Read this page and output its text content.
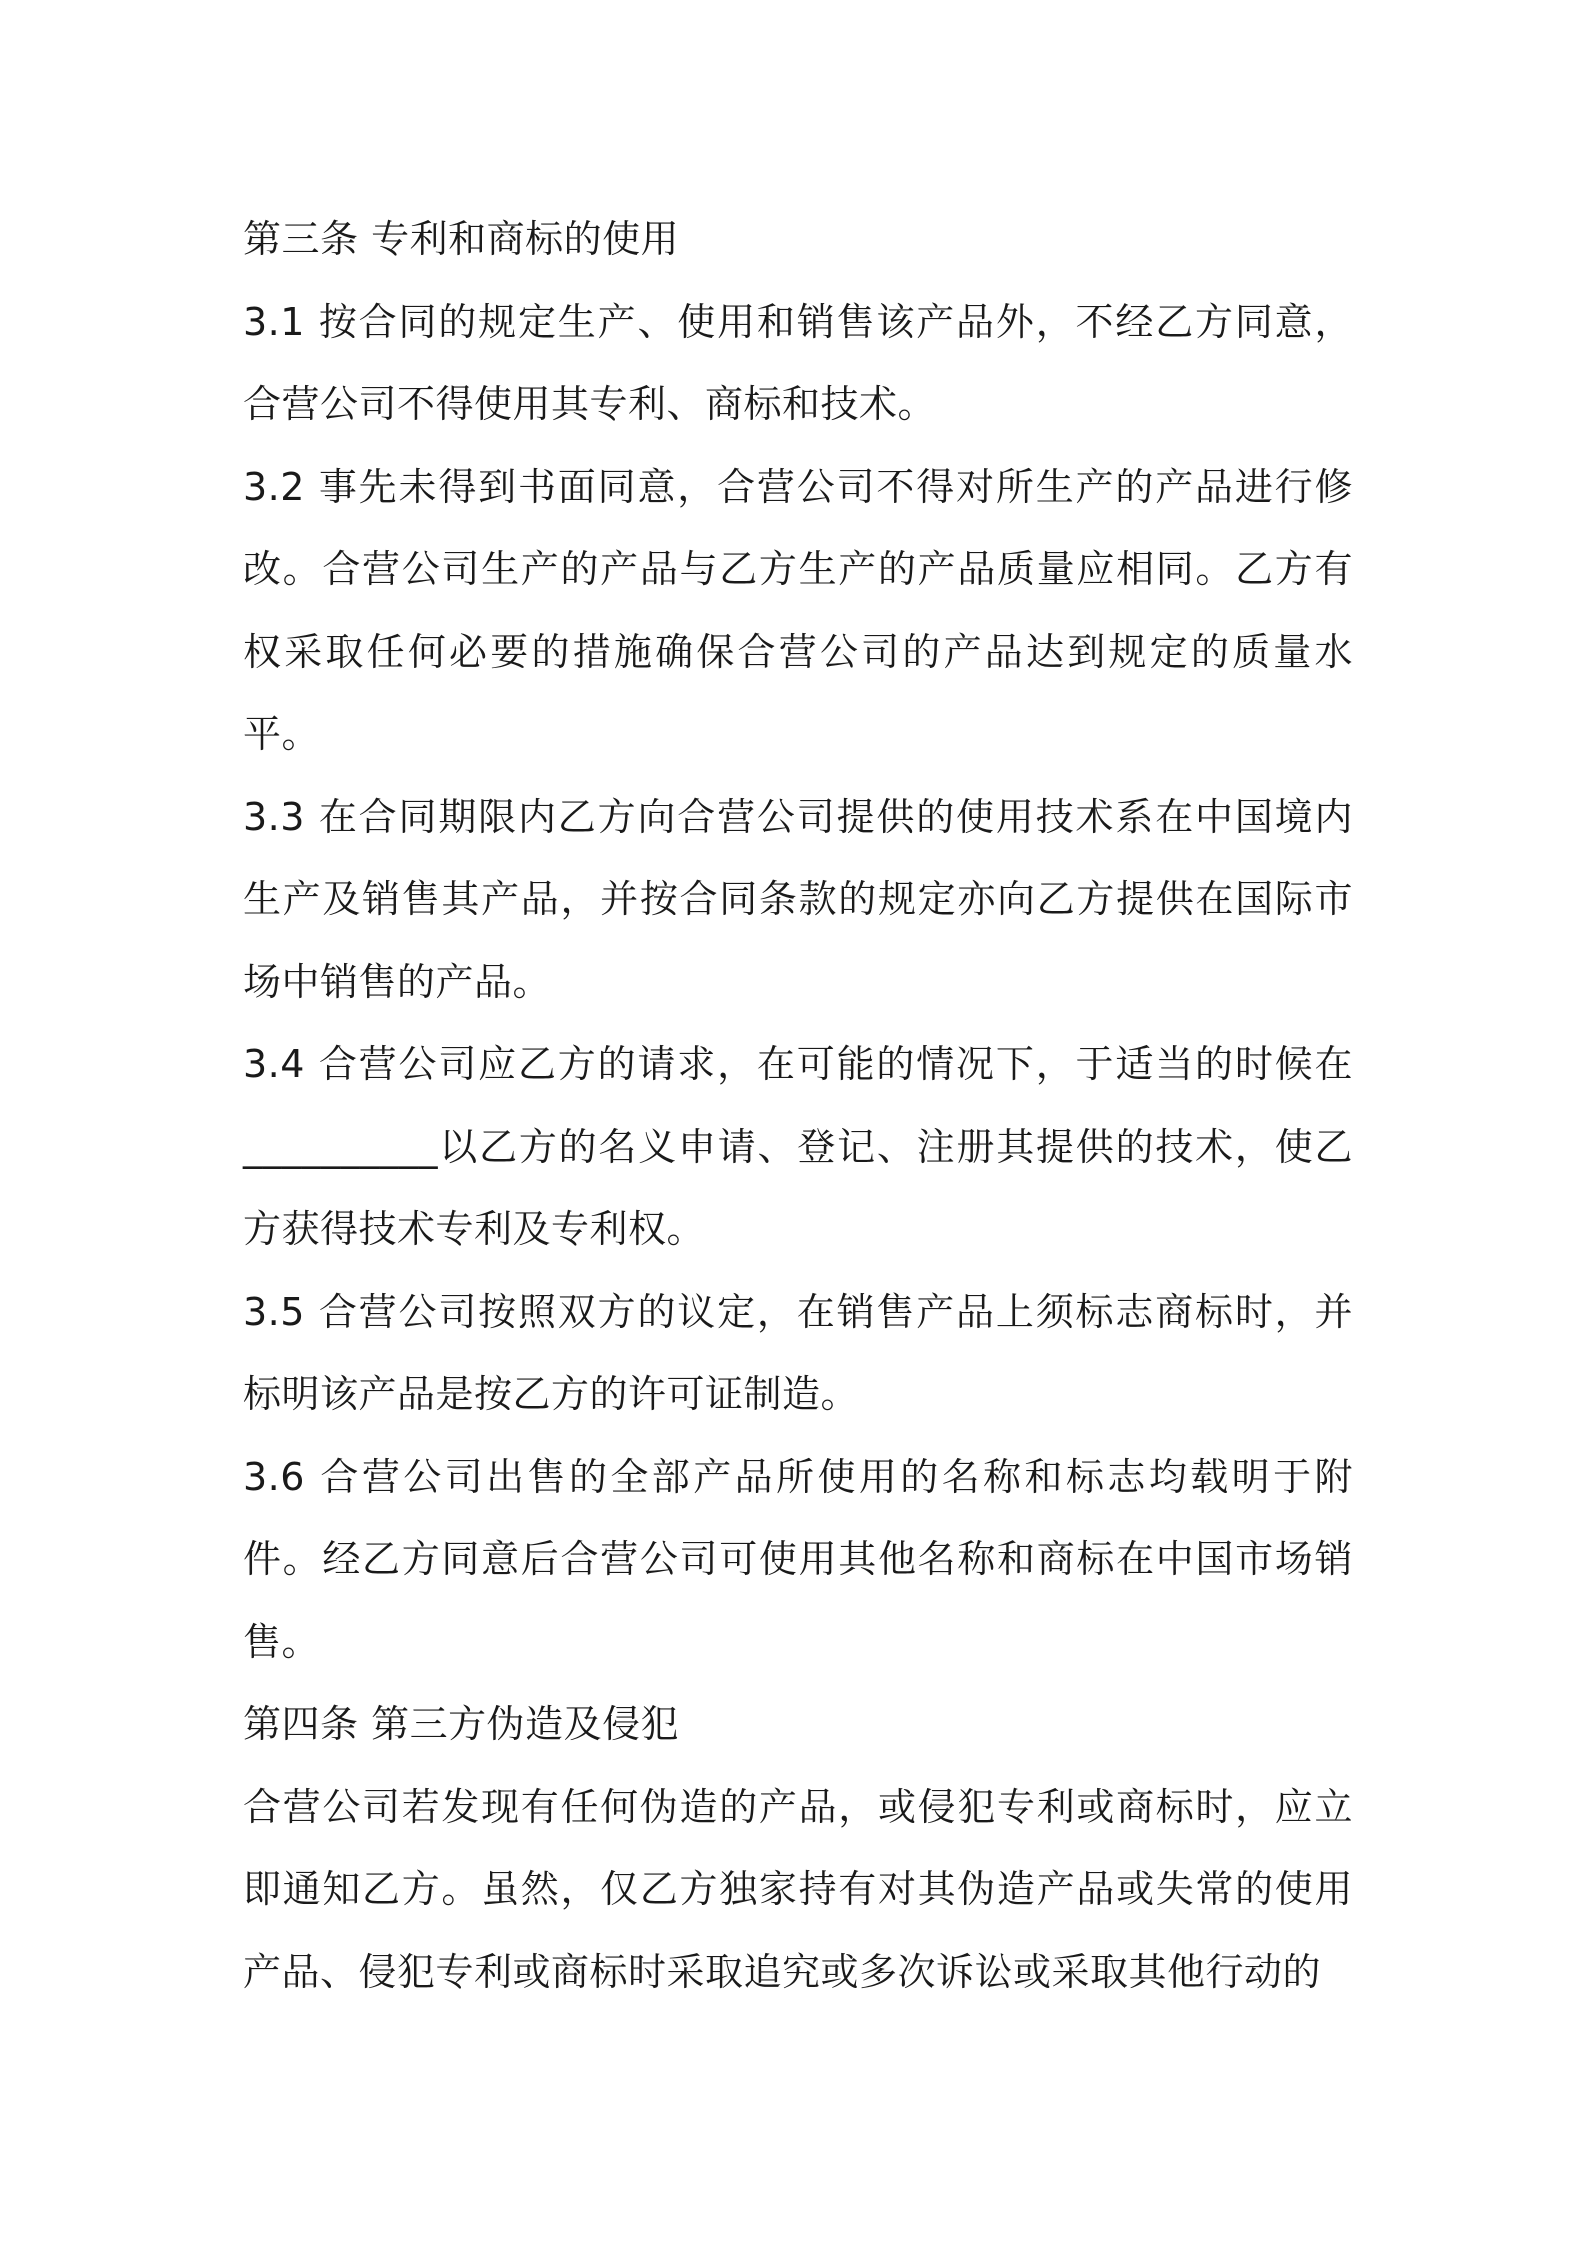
第三条 专利和商标的使用

3.1 按合同的规定生产、使用和销售该产品外，不经乙方同意，合营公司不得使用其专利、商标和技术。

3.2 事先未得到书面同意，合营公司不得对所生产的产品进行修改。合营公司生产的产品与乙方生产的产品质量应相同。乙方有权采取任何必要的措施确保合营公司的产品达到规定的质量水平。

3.3 在合同期限内乙方向合营公司提供的使用技术系在中国境内生产及销售其产品，并按合同条款的规定亦向乙方提供在国际市场中销售的产品。

3.4 合营公司应乙方的请求，在可能的情况下，于适当的时候在__________以乙方的名义申请、登记、注册其提供的技术，使乙方获得技术专利及专利权。

3.5 合营公司按照双方的议定，在销售产品上须标志商标时，并标明该产品是按乙方的许可证制造。

3.6 合营公司出售的全部产品所使用的名称和标志均载明于附件。经乙方同意后合营公司可使用其他名称和商标在中国市场销售。

第四条 第三方伪造及侵犯

合营公司若发现有任何伪造的产品，或侵犯专利或商标时，应立即通知乙方。虽然，仅乙方独家持有对其伪造产品或失常的使用产品、侵犯专利或商标时采取追究或多次诉讼或采取其他行动的
